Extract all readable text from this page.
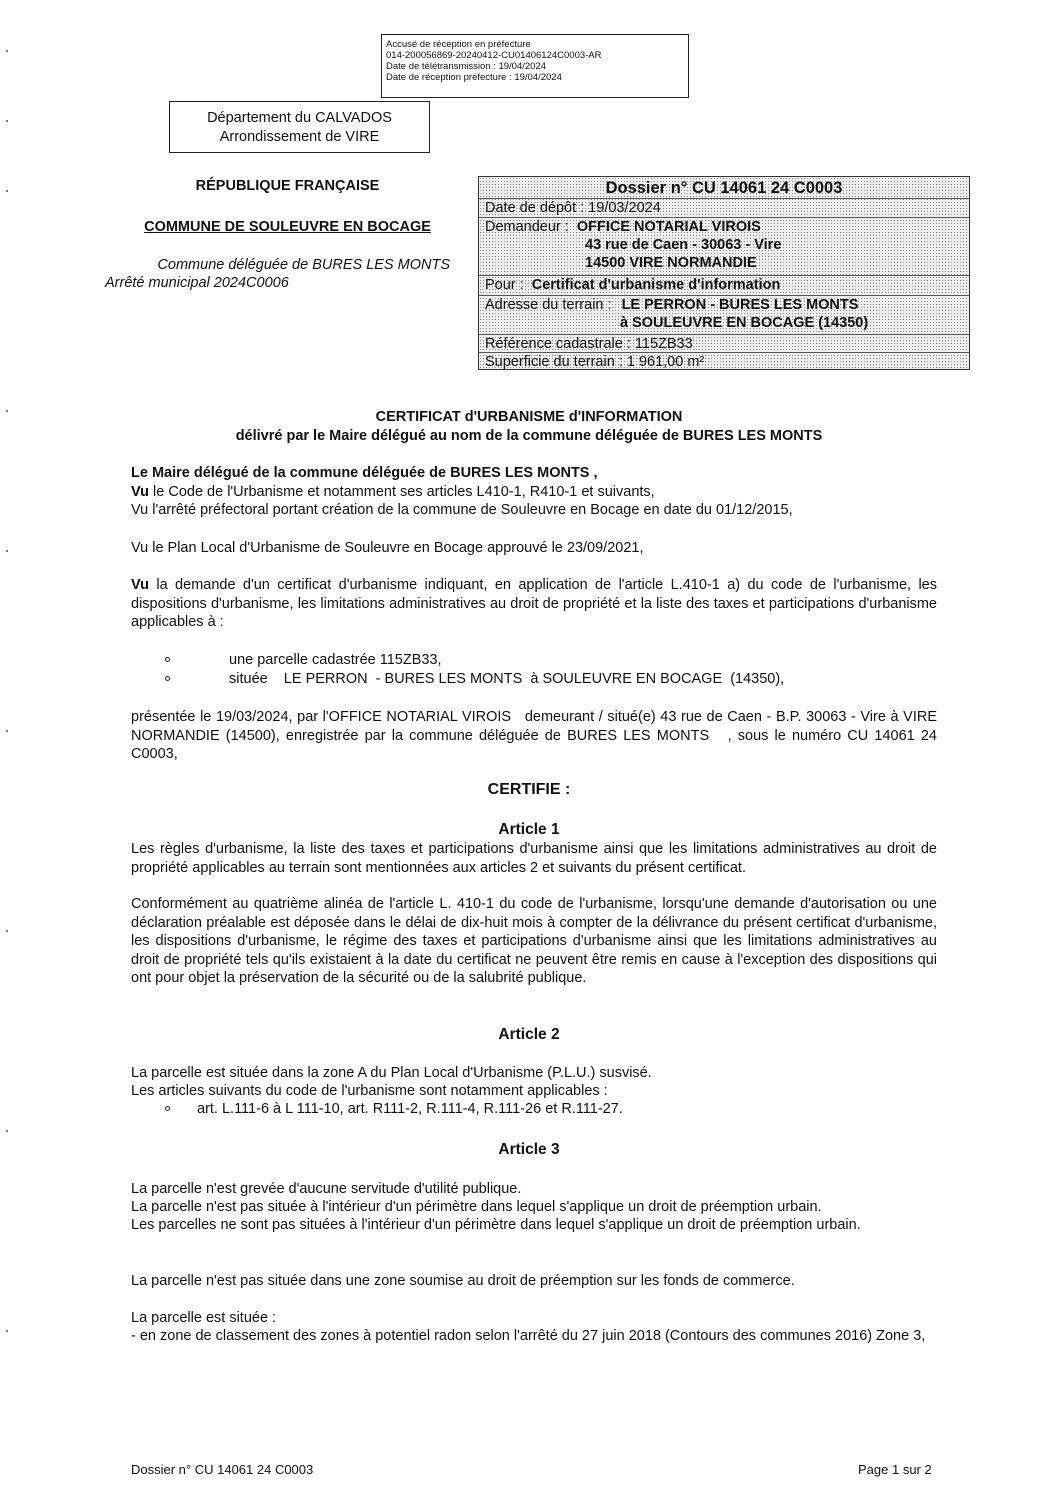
Accusé de réception en préfecture
014-200056869-20240412-CU01406124C0003-AR
Date de télétransmission : 19/04/2024
Date de réception préfecture : 19/04/2024
Département du CALVADOS
Arrondissement de VIRE
RÉPUBLIQUE FRANÇAISE
COMMUNE DE SOULEUVRE EN BOCAGE
Commune déléguée de BURES LES MONTS
Arrêté municipal 2024C0006
Dossier n° CU 14061 24 C0003
Date de dépôt : 19/03/2024
Demandeur : OFFICE NOTARIAL VIROIS
43 rue de Caen - 30063 - Vire
14500 VIRE NORMANDIE
Pour : Certificat d'urbanisme d'information
Adresse du terrain : LE PERRON - BURES LES MONTS
à SOULEUVRE EN BOCAGE (14350)
Référence cadastrale : 115ZB33
Superficie du terrain : 1 961,00 m²
CERTIFICAT d'URBANISME d'INFORMATION
délivré par le Maire délégué au nom de la commune déléguée de BURES LES MONTS
Le Maire délégué de la commune déléguée de BURES LES MONTS ,
Vu le Code de l'Urbanisme et notamment ses articles L410-1, R410-1 et suivants,
Vu l'arrêté préfectoral portant création de la commune de Souleuvre en Bocage en date du 01/12/2015,
Vu le Plan Local d'Urbanisme de Souleuvre en Bocage approuvé le 23/09/2021,
Vu la demande d'un certificat d'urbanisme indiquant, en application de l'article L.410-1 a) du code de l'urbanisme, les dispositions d'urbanisme, les limitations administratives au droit de propriété et la liste des taxes et participations d'urbanisme applicables à :
une parcelle cadastrée 115ZB33,
située    LE PERRON  - BURES LES MONTS  à SOULEUVRE EN BOCAGE  (14350),
présentée le 19/03/2024, par l'OFFICE NOTARIAL VIROIS   demeurant / situé(e) 43 rue de Caen - B.P. 30063 - Vire à VIRE NORMANDIE (14500), enregistrée par la commune déléguée de BURES LES MONTS   , sous le numéro CU 14061 24 C0003,
CERTIFIE :
Article 1
Les règles d'urbanisme, la liste des taxes et participations d'urbanisme ainsi que les limitations administratives au droit de propriété applicables au terrain sont mentionnées aux articles 2 et suivants du présent certificat.
Conformément au quatrième alinéa de l'article L. 410-1 du code de l'urbanisme, lorsqu'une demande d'autorisation ou une déclaration préalable est déposée dans le délai de dix-huit mois à compter de la délivrance du présent certificat d'urbanisme, les dispositions d'urbanisme, le régime des taxes et participations d'urbanisme ainsi que les limitations administratives au droit de propriété tels qu'ils existaient à la date du certificat ne peuvent être remis en cause à l'exception des dispositions qui ont pour objet la préservation de la sécurité ou de la salubrité publique.
Article 2
La parcelle est située dans la zone A du Plan Local d'Urbanisme (P.L.U.) susvisé.
Les articles suivants du code de l'urbanisme sont notamment applicables :
art. L.111-6 à L 111-10, art. R111-2, R.111-4, R.111-26 et R.111-27.
Article 3
La parcelle n'est grevée d'aucune servitude d'utilité publique.
La parcelle n'est pas située à l'intérieur d'un périmètre dans lequel s'applique un droit de préemption urbain.
Les parcelles ne sont pas situées à l'intérieur d'un périmètre dans lequel s'applique un droit de préemption urbain.
La parcelle n'est pas située dans une zone soumise au droit de préemption sur les fonds de commerce.
La parcelle est située :
- en zone de classement des zones à potentiel radon selon l'arrêté du 27 juin 2018 (Contours des communes 2016) Zone 3,
Dossier n° CU 14061 24 C0003	Page 1 sur 2
